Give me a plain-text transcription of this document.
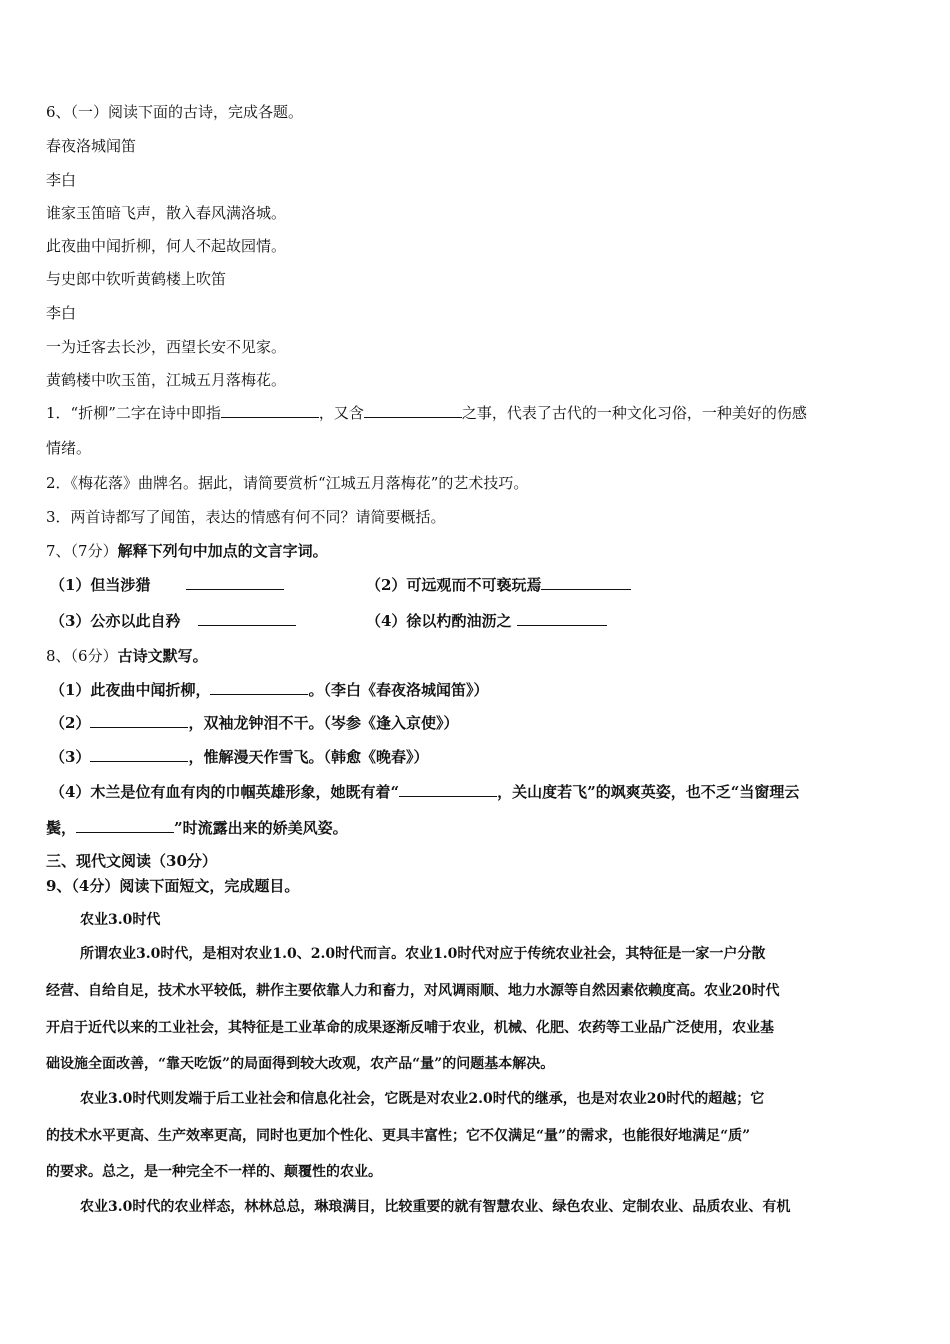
6、（一）阅读下面的古诗，完成各题。
春夜洛城闻笛
李白
谁家玉笛暗飞声，散入春风满洛城。
此夜曲中闻折柳，何人不起故园情。
与史郎中钦听黄鹤楼上吹笛
李白
一为迁客去长沙，西望长安不见家。
黄鹤楼中吹玉笛，江城五月落梅花。
1．“折柳”二字在诗中即指	，又含	之事，代表了古代的一种文化习俗，一种美好的伤感
情绪。
2．《梅花落》曲牌名。据此，请简要赏析“江城五月落梅花”的艺术技巧。
3．两首诗都写了闻笛，表达的情感有何不同？请简要概括。
7、（7分）解释下列句中加点的文言字词。
（1）但当涉猎	（2）可远观而不可亵玩焉
（3）公亦以此自矜	（4）徐以杓酌油沥之
8、（6分）古诗文默写。
（1）此夜曲中闻折柳，	。（李白《春夜洛城闻笛》）
（2）	，双袖龙钟泪不干。（岑参《逢入京使》）
（3）	，惟解漫天作雪飞。（韩愈《晚春》）
（4）木兰是位有血有肉的巾帼英雄形象，她既有着“	，关山度若飞”的飒爽英姿，也不乏“当窗理云
鬓，	”时流露出来的娇美风姿。
三、现代文阅读（30分）
9、（4分）阅读下面短文，完成题目。
农业3.0时代
所谓农业3.0时代，是相对农业1.0、2.0时代而言。农业1.0时代对应于传统农业社会，其特征是一家一户分散
经营、自给自足，技术水平较低，耕作主要依靠人力和畜力，对风调雨顺、地力水源等自然因素依赖度高。农业20时代
开启于近代以来的工业社会，其特征是工业革命的成果逐渐反哺于农业，机械、化肥、农药等工业品广泛使用，农业基
础设施全面改善，“靠天吃饭”的局面得到较大改观，农产品“量”的问题基本解决。
农业3.0时代则发端于后工业社会和信息化社会，它既是对农业2.0时代的继承，也是对农业20时代的超越；它
的技术水平更高、生产效率更高，同时也更加个性化、更具丰富性；它不仅满足“量”的需求，也能很好地满足“质”
的要求。总之，是一种完全不一样的、颠覆性的农业。
农业3.0时代的农业样态，林林总总，琳琅满目，比较重要的就有智慧农业、绿色农业、定制农业、品质农业、有机
